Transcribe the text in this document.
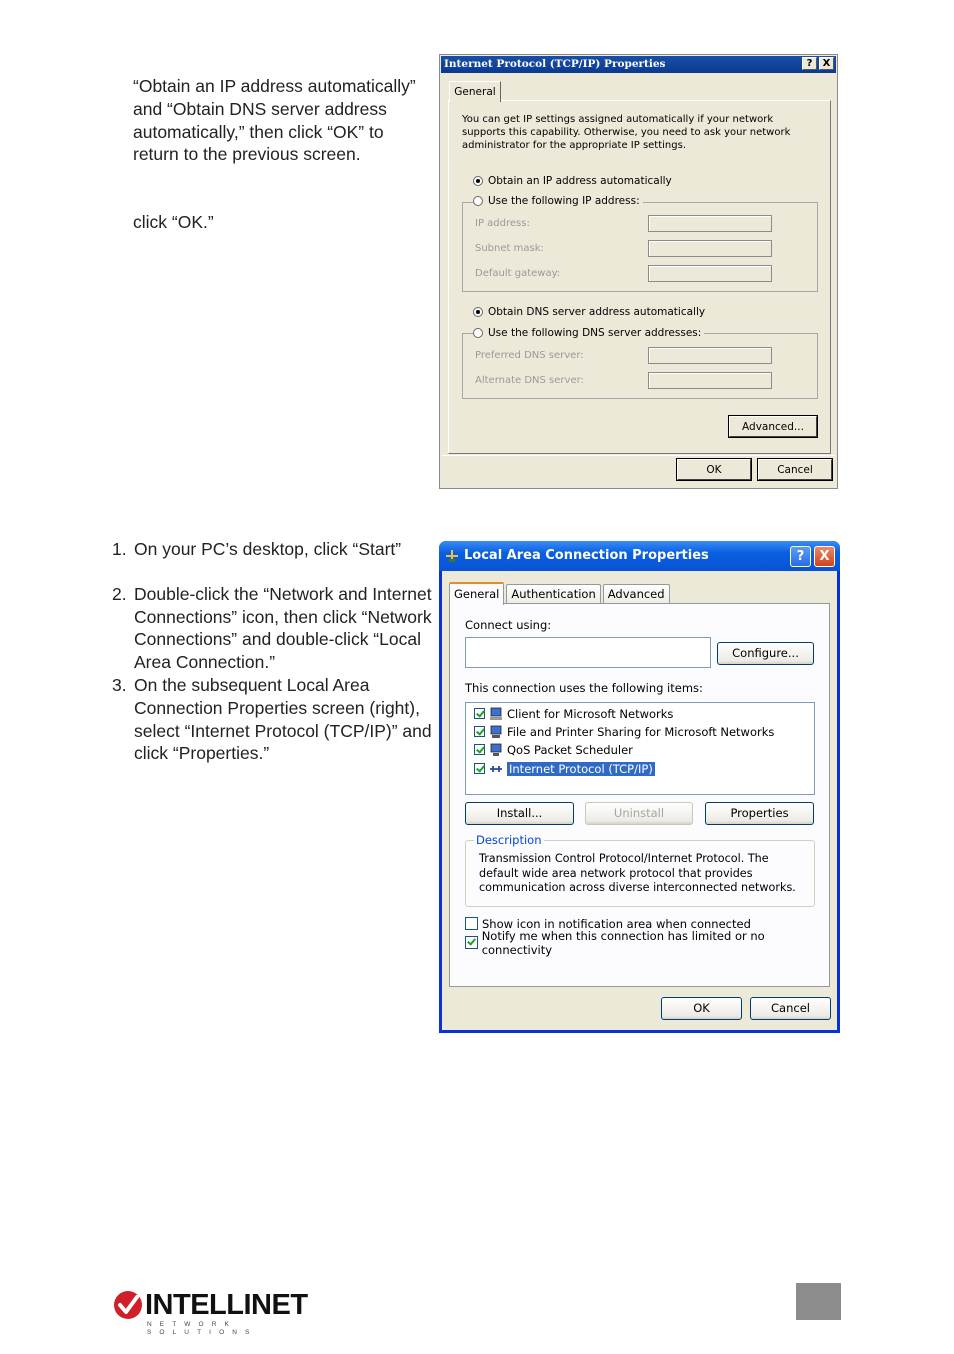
“Obtain an IP address automatically” and “Obtain DNS server address automatically,” then click “OK” to return to the previous screen.

click “OK.”

1. On your PC’s desktop, click “Start”
2. Double-click the “Network and Internet Connections” icon, then click “Network Connections” and double-click “Local Area Connection.”
3. On the subsequent Local Area Connection Properties screen (right), select “Internet Protocol (TCP/IP)” and click “Properties.”
Internet Protocol (TCP/IP) Properties	?	X
General
You can get IP settings assigned automatically if your network supports this capability. Otherwise, you need to ask your network administrator for the appropriate IP settings.
Obtain an IP address automatically
Use the following IP address:
IP address:
Subnet mask:
Default gateway:
Obtain DNS server address automatically
Use the following DNS server addresses:
Preferred DNS server:
Alternate DNS server:
Advanced...
OK	Cancel
Local Area Connection Properties	?	X
General	Authentication	Advanced
Connect using:
Configure...
This connection uses the following items:
Client for Microsoft Networks
File and Printer Sharing for Microsoft Networks
QoS Packet Scheduler
Internet Protocol (TCP/IP)
Install...	Uninstall	Properties
Description
Transmission Control Protocol/Internet Protocol. The default wide area network protocol that provides communication across diverse interconnected networks.
Show icon in notification area when connected
Notify me when this connection has limited or no connectivity
OK	Cancel
INTELLINET
NETWORK SOLUTIONS
